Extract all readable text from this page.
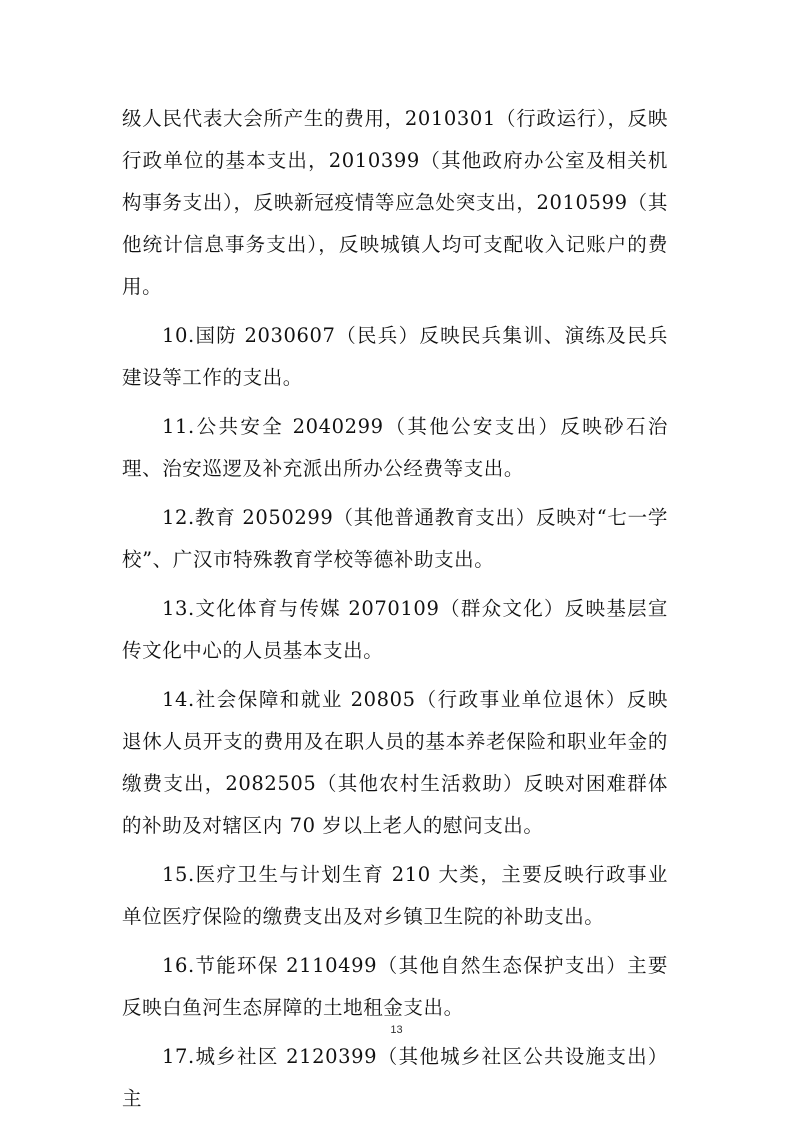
级人民代表大会所产生的费用，2010301（行政运行），反映行政单位的基本支出，2010399（其他政府办公室及相关机构事务支出），反映新冠疫情等应急处突支出，2010599（其他统计信息事务支出），反映城镇人均可支配收入记账户的费用。

10.国防 2030607（民兵）反映民兵集训、演练及民兵建设等工作的支出。

11.公共安全 2040299（其他公安支出）反映砂石治理、治安巡逻及补充派出所办公经费等支出。

12.教育 2050299（其他普通教育支出）反映对“七一学校”、广汉市特殊教育学校等德补助支出。

13.文化体育与传媒 2070109（群众文化）反映基层宣传文化中心的人员基本支出。

14.社会保障和就业 20805（行政事业单位退休）反映退休人员开支的费用及在职人员的基本养老保险和职业年金的缴费支出，2082505（其他农村生活救助）反映对困难群体的补助及对辖区内 70 岁以上老人的慰问支出。

15.医疗卫生与计划生育 210 大类，主要反映行政事业单位医疗保险的缴费支出及对乡镇卫生院的补助支出。

16.节能环保 2110499（其他自然生态保护支出）主要反映白鱼河生态屏障的土地租金支出。

17.城乡社区 2120399（其他城乡社区公共设施支出）主

13
